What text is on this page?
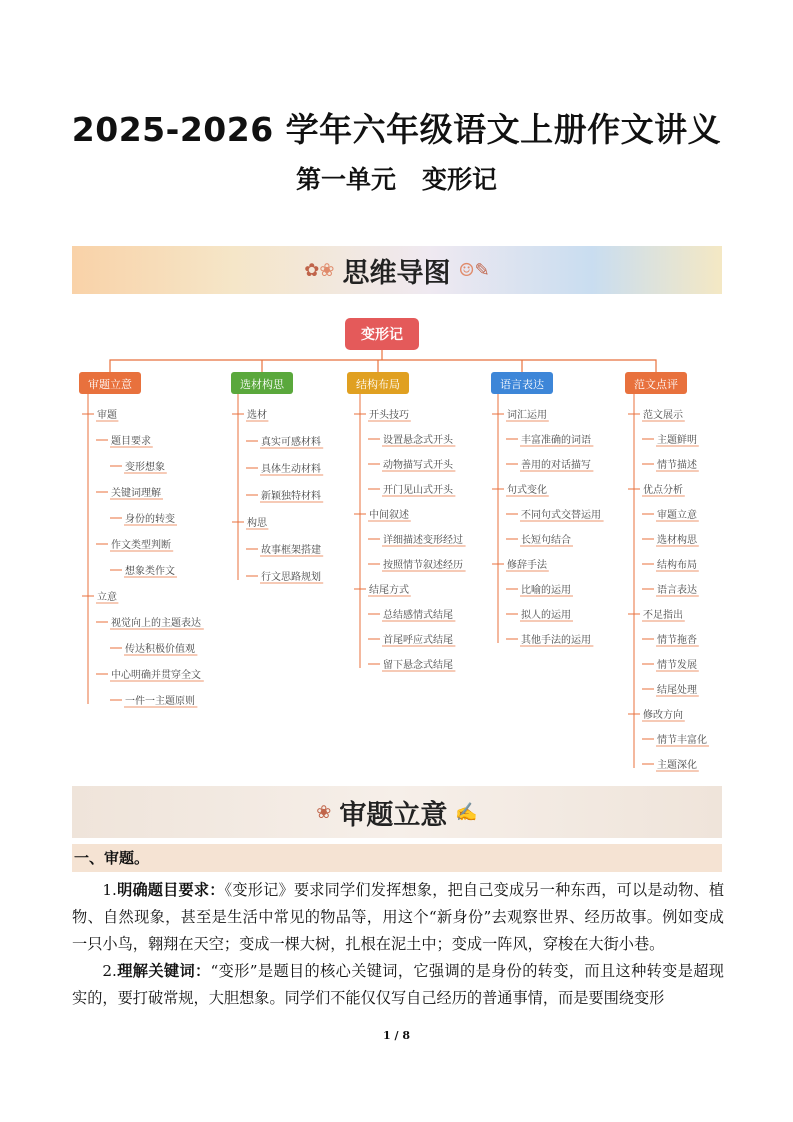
2025-2026 学年六年级语文上册作文讲义
第一单元   变形记
✿ ❀ 思维导图 ☺ ✎
变形记
审题立意	选材构思	结构布局	语言表达	范文点评
审题
题目要求
变形想象
关键词理解
身份的转变
作文类型判断
想象类作文
立意
视觉向上的主题表达
传达积极价值观
中心明确并贯穿全文
一件一主题原则
选材
真实可感材料
具体生动材料
新颖独特材料
构思
故事框架搭建
行文思路规划
开头技巧
设置悬念式开头
动物描写式开头
开门见山式开头
中间叙述
详细描述变形经过
按照情节叙述经历
结尾方式
总结感情式结尾
首尾呼应式结尾
留下悬念式结尾
词汇运用
丰富准确的词语
善用的对话描写
句式变化
不同句式交替运用
长短句结合
修辞手法
比喻的运用
拟人的运用
其他手法的运用
范文展示
主题鲜明
情节描述
优点分析
审题立意
选材构思
结构布局
语言表达
不足指出
情节拖沓
情节发展
结尾处理
修改方向
情节丰富化
主题深化
❀ 审题立意 ✍
一、审题。
1.明确题目要求：《变形记》要求同学们发挥想象，把自己变成另一种东西，可以是动物、植物、自然现象，甚至是生活中常见的物品等，用这个“新身份”去观察世界、经历故事。例如变成一只小鸟，翱翔在天空；变成一棵大树，扎根在泥土中；变成一阵风，穿梭在大街小巷。
2.理解关键词：“变形”是题目的核心关键词，它强调的是身份的转变，而且这种转变是超现实的，要打破常规，大胆想象。同学们不能仅仅写自己经历的普通事情，而是要围绕变形
1 / 8
